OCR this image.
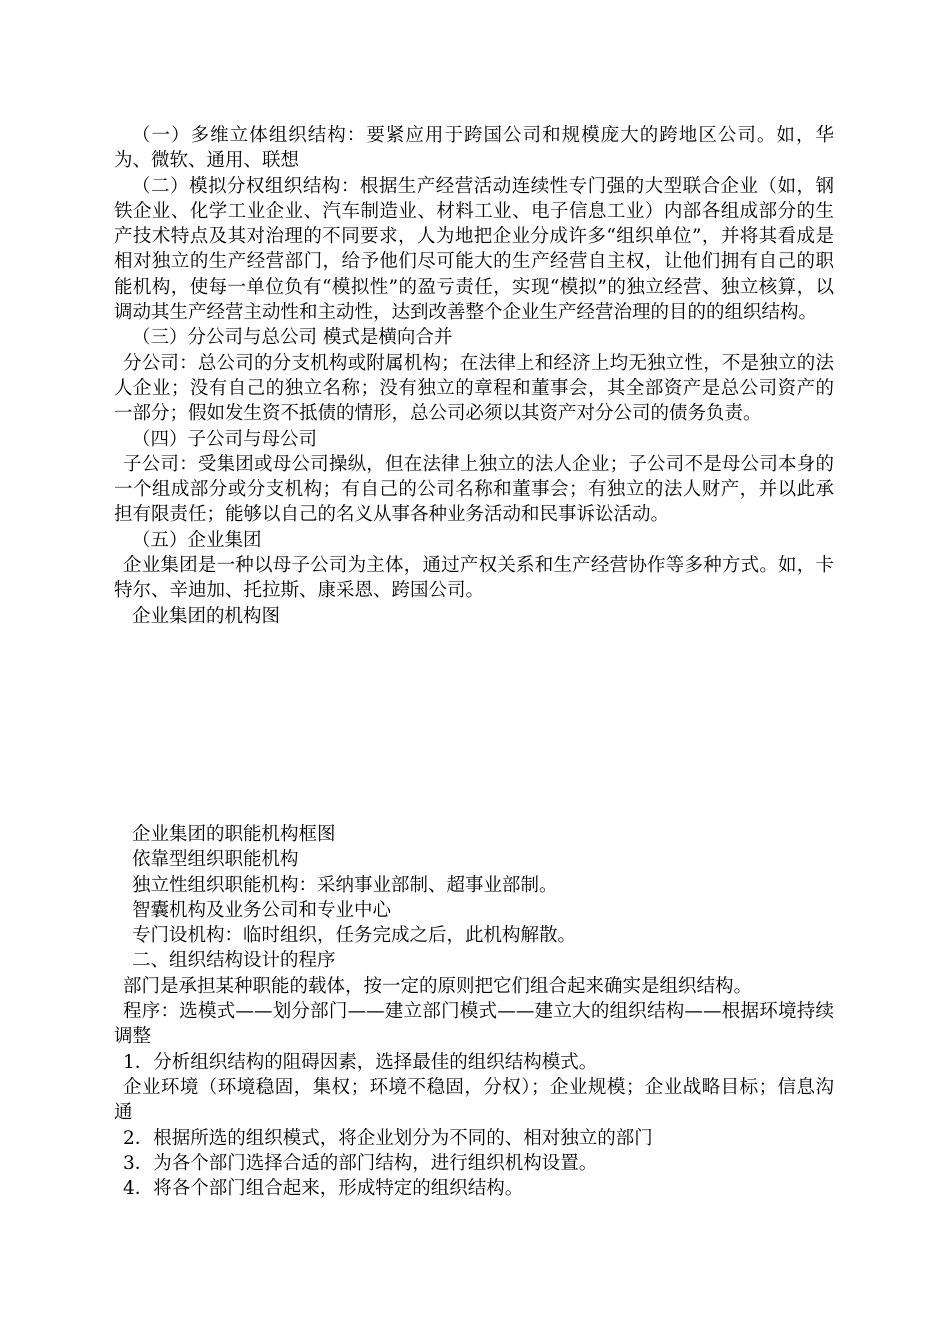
（一）多维立体组织结构：要紧应用于跨国公司和规模庞大的跨地区公司。如，华为、微软、通用、联想

（二）模拟分权组织结构：根据生产经营活动连续性专门强的大型联合企业（如，钢铁企业、化学工业企业、汽车制造业、材料工业、电子信息工业）内部各组成部分的生产技术特点及其对治理的不同要求，人为地把企业分成许多“组织单位”，并将其看成是相对独立的生产经营部门，给予他们尽可能大的生产经营自主权，让他们拥有自己的职能机构，使每一单位负有“模拟性”的盈亏责任，实现“模拟”的独立经营、独立核算，以调动其生产经营主动性和主动性，达到改善整个企业生产经营治理的目的的组织结构。

（三）分公司与总公司 模式是横向合并

分公司：总公司的分支机构或附属机构；在法律上和经济上均无独立性，不是独立的法人企业；没有自己的独立名称；没有独立的章程和董事会，其全部资产是总公司资产的一部分；假如发生资不抵债的情形，总公司必须以其资产对分公司的债务负责。

（四）子公司与母公司

子公司：受集团或母公司操纵，但在法律上独立的法人企业；子公司不是母公司本身的一个组成部分或分支机构；有自己的公司名称和董事会；有独立的法人财产，并以此承担有限责任；能够以自己的名义从事各种业务活动和民事诉讼活动。

（五）企业集团

企业集团是一种以母子公司为主体，通过产权关系和生产经营协作等多种方式。如，卡特尔、辛迪加、托拉斯、康采恩、跨国公司。

企业集团的机构图

企业集团的职能机构框图

依靠型组织职能机构

独立性组织职能机构：采纳事业部制、超事业部制。

智囊机构及业务公司和专业中心

专门设机构：临时组织，任务完成之后，此机构解散。

二、组织结构设计的程序

部门是承担某种职能的载体，按一定的原则把它们组合起来确实是组织结构。

程序：选模式——划分部门——建立部门模式——建立大的组织结构——根据环境持续调整

1．分析组织结构的阻碍因素，选择最佳的组织结构模式。

企业环境（环境稳固，集权；环境不稳固，分权）；企业规模；企业战略目标；信息沟通

2．根据所选的组织模式，将企业划分为不同的、相对独立的部门

3．为各个部门选择合适的部门结构，进行组织机构设置。

4．将各个部门组合起来，形成特定的组织结构。
